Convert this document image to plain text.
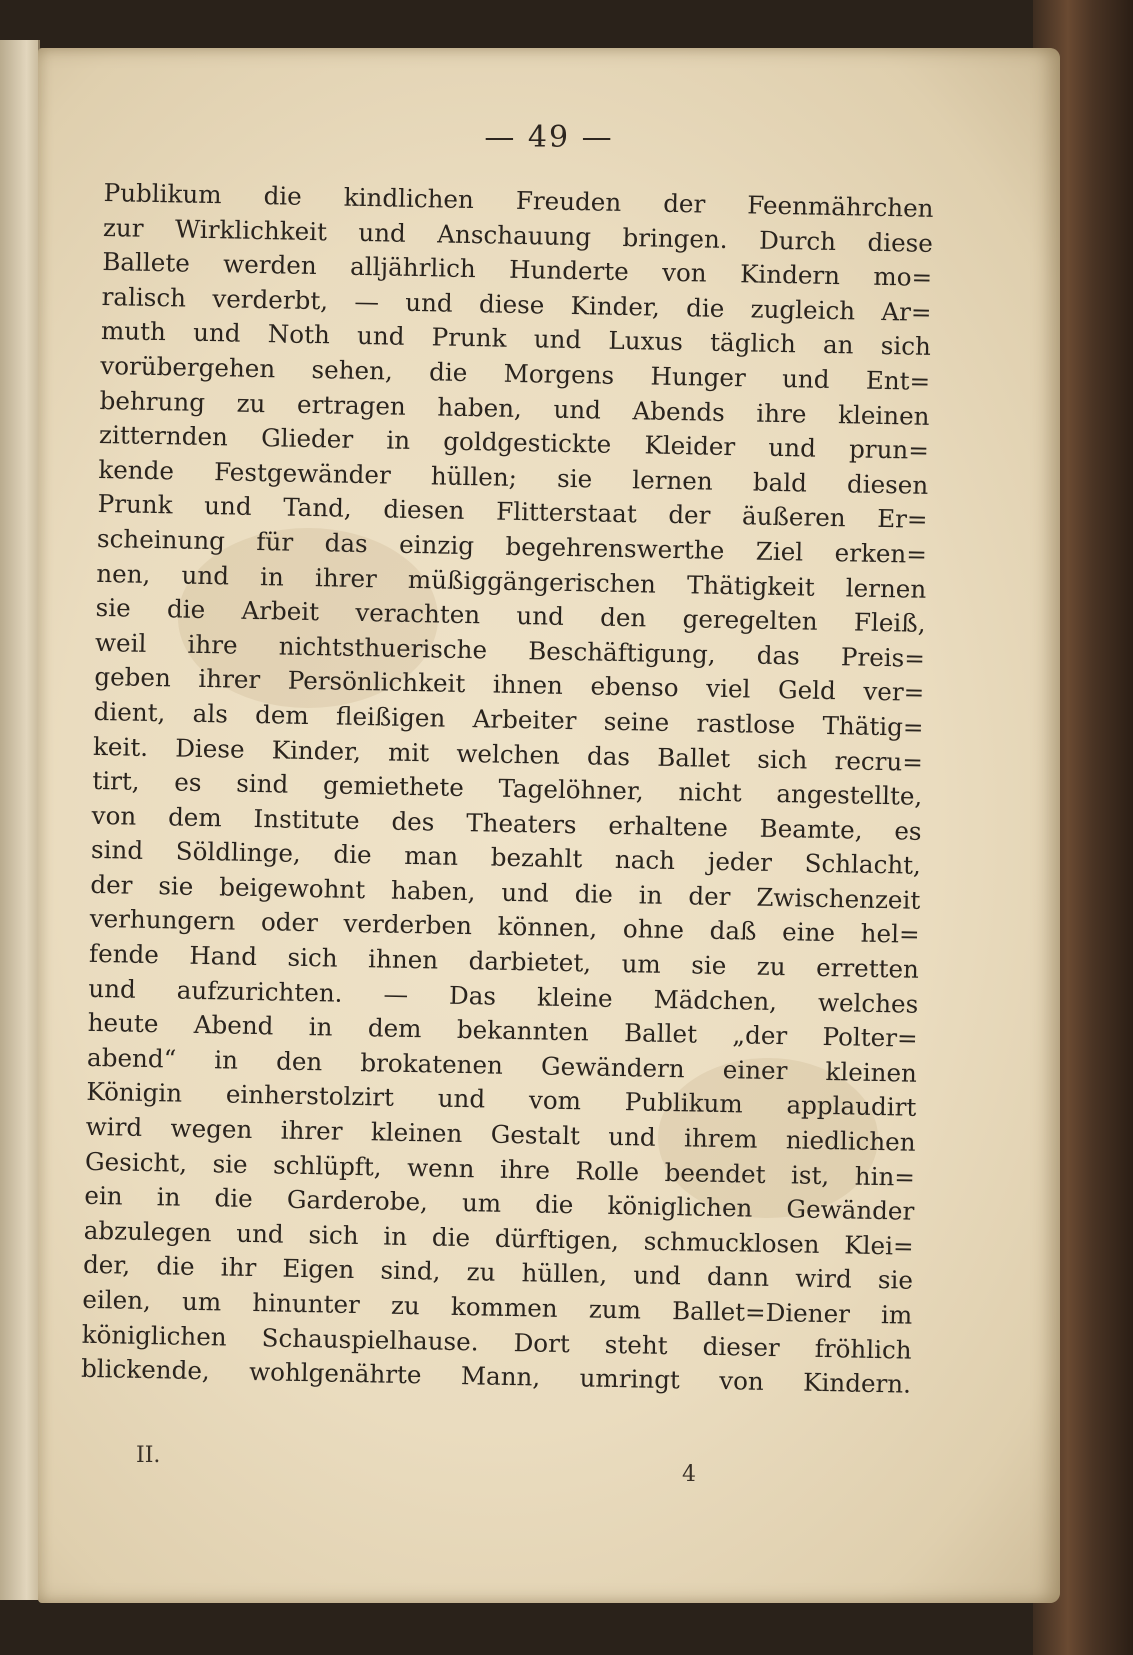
— 49 —
Publikum die kindlichen Freuden der Feenmährchen
zur Wirklichkeit und Anschauung bringen. Durch diese
Ballete werden alljährlich Hunderte von Kindern mo=
ralisch verderbt, — und diese Kinder, die zugleich Ar=
muth und Noth und Prunk und Luxus täglich an sich
vorübergehen sehen, die Morgens Hunger und Ent=
behrung zu ertragen haben, und Abends ihre kleinen
zitternden Glieder in goldgestickte Kleider und prun=
kende Festgewänder hüllen; sie lernen bald diesen
Prunk und Tand, diesen Flitterstaat der äußeren Er=
scheinung für das einzig begehrenswerthe Ziel erken=
nen, und in ihrer müßiggängerischen Thätigkeit lernen
sie die Arbeit verachten und den geregelten Fleiß,
weil ihre nichtsthuerische Beschäftigung, das Preis=
geben ihrer Persönlichkeit ihnen ebenso viel Geld ver=
dient, als dem fleißigen Arbeiter seine rastlose Thätig=
keit. Diese Kinder, mit welchen das Ballet sich recru=
tirt, es sind gemiethete Tagelöhner, nicht angestellte,
von dem Institute des Theaters erhaltene Beamte, es
sind Söldlinge, die man bezahlt nach jeder Schlacht,
der sie beigewohnt haben, und die in der Zwischenzeit
verhungern oder verderben können, ohne daß eine hel=
fende Hand sich ihnen darbietet, um sie zu erretten
und aufzurichten. — Das kleine Mädchen, welches
heute Abend in dem bekannten Ballet „der Polter=
abend“ in den brokatenen Gewändern einer kleinen
Königin einherstolzirt und vom Publikum applaudirt
wird wegen ihrer kleinen Gestalt und ihrem niedlichen
Gesicht, sie schlüpft, wenn ihre Rolle beendet ist, hin=
ein in die Garderobe, um die königlichen Gewänder
abzulegen und sich in die dürftigen, schmucklosen Klei=
der, die ihr Eigen sind, zu hüllen, und dann wird sie
eilen, um hinunter zu kommen zum Ballet=Diener im
königlichen Schauspielhause. Dort steht dieser fröhlich
blickende, wohlgenährte Mann, umringt von Kindern.
II.
4
